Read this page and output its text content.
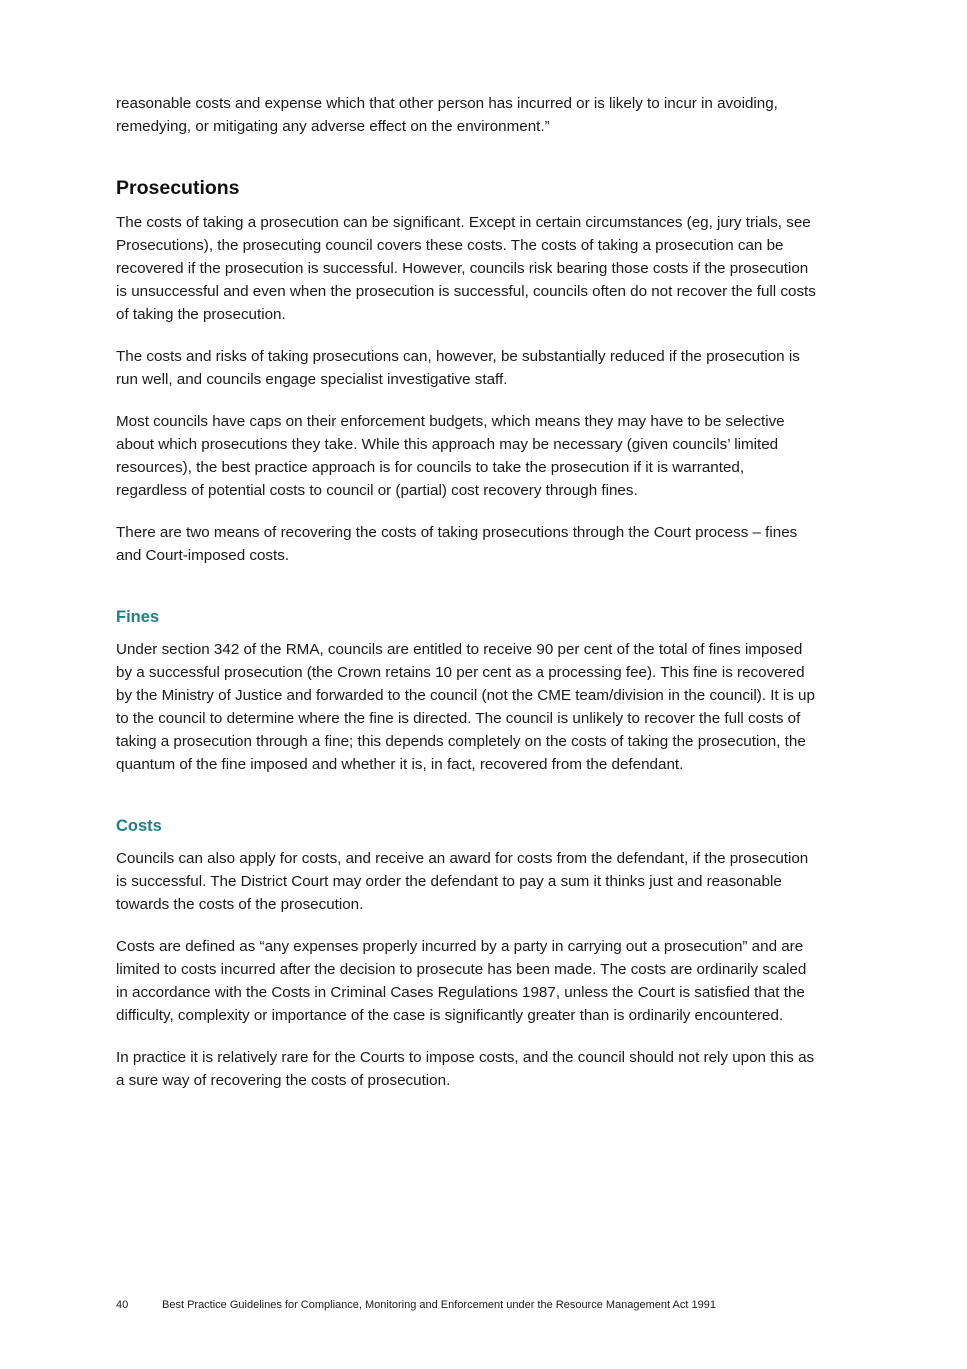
reasonable costs and expense which that other person has incurred or is likely to incur in avoiding, remedying, or mitigating any adverse effect on the environment.”

Prosecutions

The costs of taking a prosecution can be significant. Except in certain circumstances (eg, jury trials, see Prosecutions), the prosecuting council covers these costs. The costs of taking a prosecution can be recovered if the prosecution is successful. However, councils risk bearing those costs if the prosecution is unsuccessful and even when the prosecution is successful, councils often do not recover the full costs of taking the prosecution.

The costs and risks of taking prosecutions can, however, be substantially reduced if the prosecution is run well, and councils engage specialist investigative staff.

Most councils have caps on their enforcement budgets, which means they may have to be selective about which prosecutions they take. While this approach may be necessary (given councils’ limited resources), the best practice approach is for councils to take the prosecution if it is warranted, regardless of potential costs to council or (partial) cost recovery through fines.

There are two means of recovering the costs of taking prosecutions through the Court process – fines and Court-imposed costs.

Fines

Under section 342 of the RMA, councils are entitled to receive 90 per cent of the total of fines imposed by a successful prosecution (the Crown retains 10 per cent as a processing fee). This fine is recovered by the Ministry of Justice and forwarded to the council (not the CME team/division in the council). It is up to the council to determine where the fine is directed. The council is unlikely to recover the full costs of taking a prosecution through a fine; this depends completely on the costs of taking the prosecution, the quantum of the fine imposed and whether it is, in fact, recovered from the defendant.

Costs

Councils can also apply for costs, and receive an award for costs from the defendant, if the prosecution is successful. The District Court may order the defendant to pay a sum it thinks just and reasonable towards the costs of the prosecution.

Costs are defined as “any expenses properly incurred by a party in carrying out a prosecution” and are limited to costs incurred after the decision to prosecute has been made. The costs are ordinarily scaled in accordance with the Costs in Criminal Cases Regulations 1987, unless the Court is satisfied that the difficulty, complexity or importance of the case is significantly greater than is ordinarily encountered.

In practice it is relatively rare for the Courts to impose costs, and the council should not rely upon this as a sure way of recovering the costs of prosecution.

40	Best Practice Guidelines for Compliance, Monitoring and Enforcement under the Resource Management Act 1991
